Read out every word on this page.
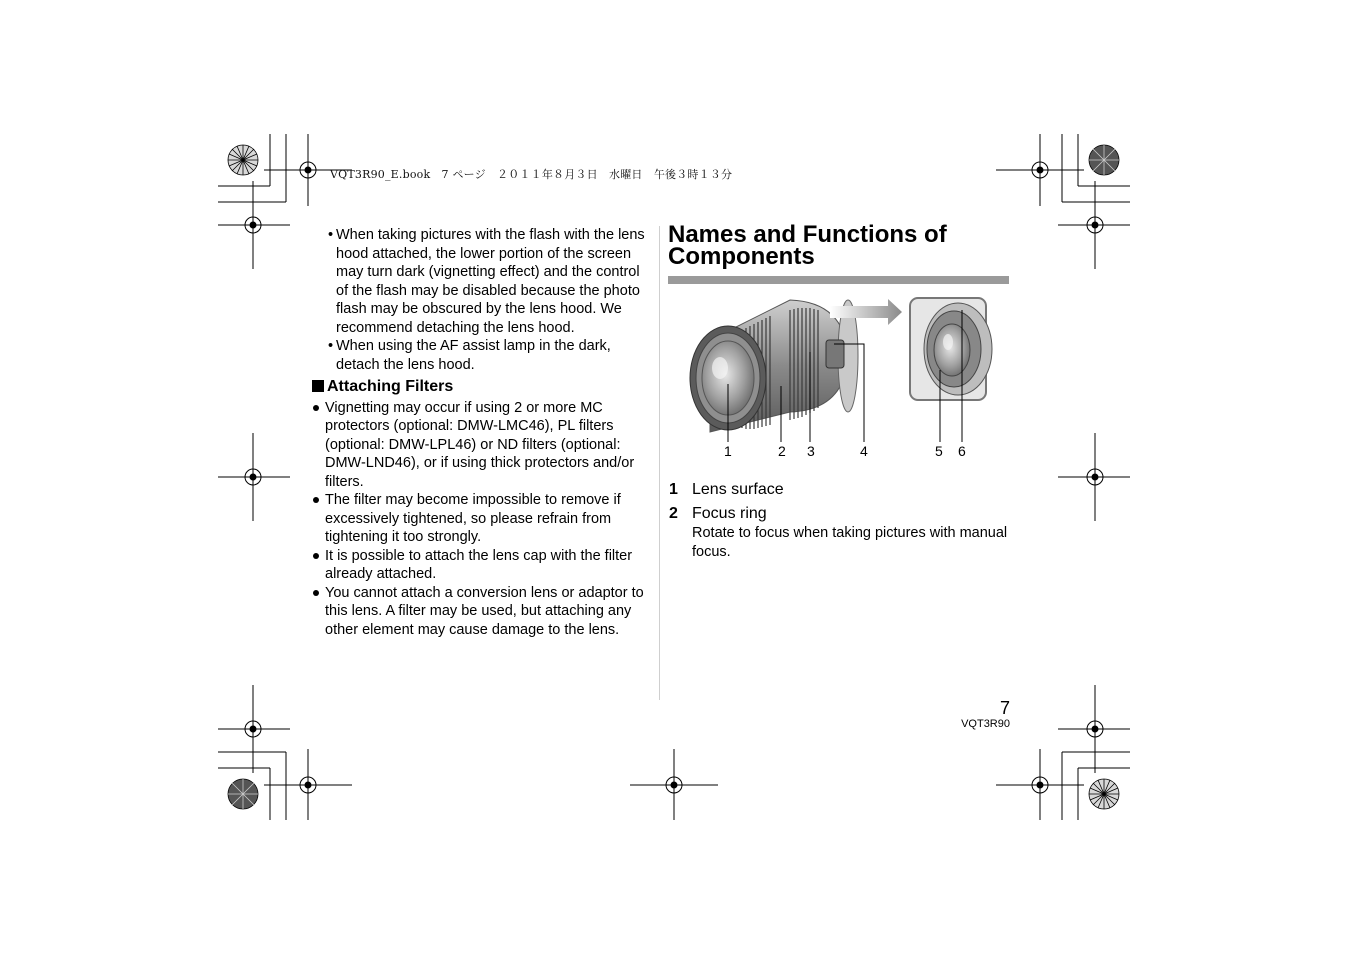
VQT3R90_E.book　7 ページ　２０１１年８月３日　水曜日　午後３時１３分

• When taking pictures with the flash with the lens hood attached, the lower portion of the screen may turn dark (vignetting effect) and the control of the flash may be disabled because the photo flash may be obscured by the lens hood. We recommend detaching the lens hood.

• When using the AF assist lamp in the dark, detach the lens hood.

Attaching Filters

Vignetting may occur if using 2 or more MC protectors (optional: DMW-LMC46), PL filters (optional: DMW-LPL46) or ND filters (optional: DMW-LND46), or if using thick protectors and/or filters.

The filter may become impossible to remove if excessively tightened, so please refrain from tightening it too strongly.

It is possible to attach the lens cap with the filter already attached.

You cannot attach a conversion lens or adaptor to this lens. A filter may be used, but attaching any other element may cause damage to the lens.

Names and Functions of
Components
1	2 3	4	5 6
1 Lens surface
2 Focus ring
Rotate to focus when taking pictures with manual focus.
7
VQT3R90
